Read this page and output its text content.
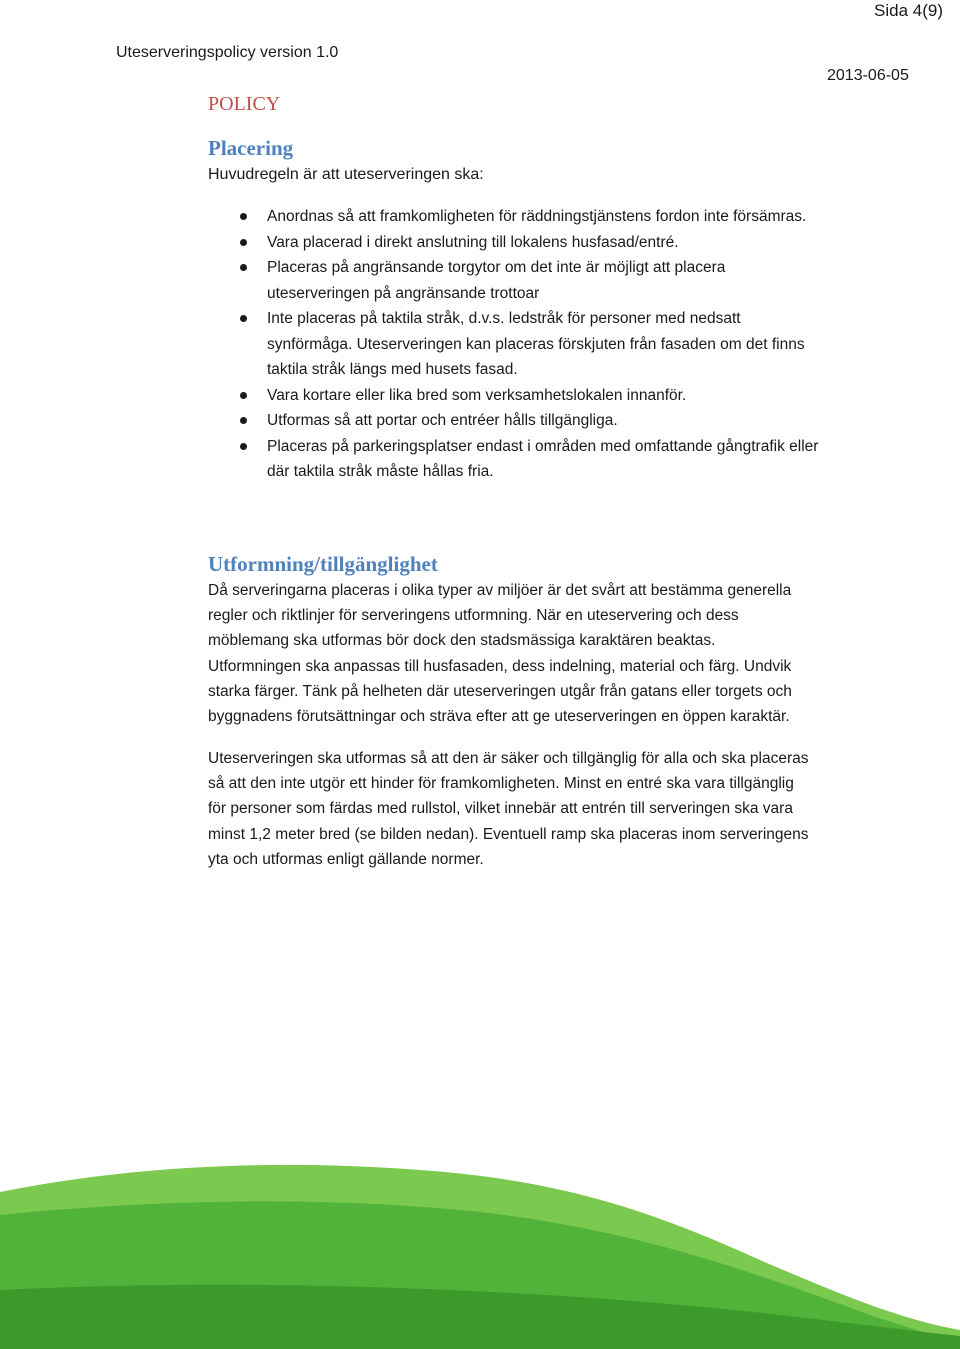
Sida 4(9)
Uteserveringspolicy version 1.0
2013-06-05
POLICY
Placering
Huvudregeln är att uteserveringen ska:
Anordnas så att framkomligheten för räddningstjänstens fordon inte försämras.
Vara placerad i direkt anslutning till lokalens husfasad/entré.
Placeras på angränsande torgytor om det inte är möjligt att placera
uteserveringen på angränsande trottoar
Inte placeras på taktila stråk, d.v.s. ledstråk för personer med nedsatt
synförmåga. Uteserveringen kan placeras förskjuten från fasaden om det finns
taktila stråk längs med husets fasad.
Vara kortare eller lika bred som verksamhetslokalen innanför.
Utformas så att portar och entréer hålls tillgängliga.
Placeras på parkeringsplatser endast i områden med omfattande gångtrafik eller
där taktila stråk måste hållas fria.
Utformning/tillgänglighet
Då serveringarna placeras i olika typer av miljöer är det svårt att bestämma generella
regler och riktlinjer för serveringens utformning. När en uteservering och dess
möblemang ska utformas bör dock den stadsmässiga karaktären beaktas.
Utformningen ska anpassas till husfasaden, dess indelning, material och färg. Undvik
starka färger. Tänk på helheten där uteserveringen utgår från gatans eller torgets och
byggnadens förutsättningar och sträva efter att ge uteserveringen en öppen karaktär.
Uteserveringen ska utformas så att den är säker och tillgänglig för alla och ska placeras
så att den inte utgör ett hinder för framkomligheten. Minst en entré ska vara tillgänglig
för personer som färdas med rullstol, vilket innebär att entrén till serveringen ska vara
minst 1,2 meter bred (se bilden nedan). Eventuell ramp ska placeras inom serveringens
yta och utformas enligt gällande normer.
